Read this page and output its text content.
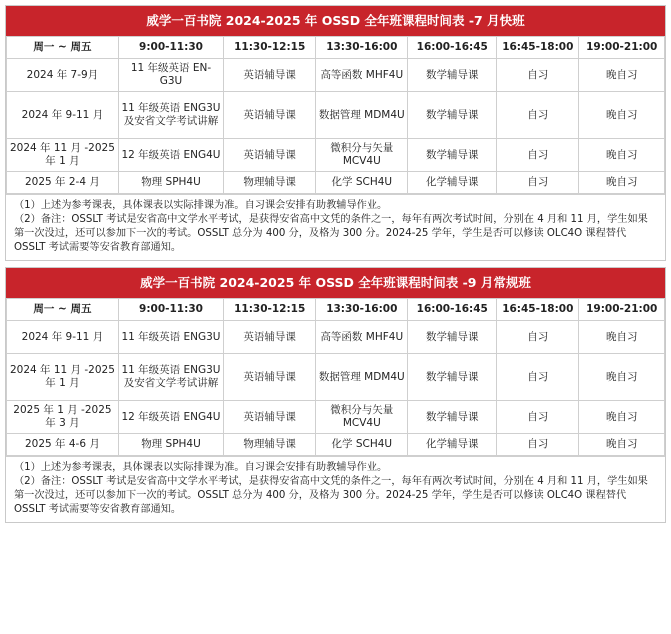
威学一百书院 2024-2025 年 OSSD 全年班课程时间表 -7 月快班
周一 ~ 周五	9:00-11:30	11:30-12:15	13:30-16:00	16:00-16:45	16:45-18:00	19:00-21:00
2024 年 7-9月	11 年级英语 EN-G3U	英语辅导课	高等函数 MHF4U	数学辅导课	自习	晚自习
2024 年 9-11 月	11 年级英语 ENG3U 及安省文学考试讲解	英语辅导课	数据管理 MDM4U	数学辅导课	自习	晚自习
2024 年 11 月 -2025 年 1 月	12 年级英语 ENG4U	英语辅导课	微积分与矢量 MCV4U	数学辅导课	自习	晚自习
2025 年 2-4 月	物理 SPH4U	物理辅导课	化学 SCH4U	化学辅导课	自习	晚自习

（1）上述为参考课表，具体课表以实际排课为准。自习课会安排有助教辅导作业。

（2）备注：OSSLT 考试是安省高中文学水平考试，是获得安省高中文凭的条件之一，每年有两次考试时间，分别在 4 月和 11 月，学生如果第一次没过，还可以参加下一次的考试。OSSLT 总分为 400 分，及格为 300 分。2024-25 学年，学生是否可以修读 OLC4O 课程替代 OSSLT 考试需要等安省教育部通知。

威学一百书院 2024-2025 年 OSSD 全年班课程时间表 -9 月常规班
周一 ~ 周五	9:00-11:30	11:30-12:15	13:30-16:00	16:00-16:45	16:45-18:00	19:00-21:00
2024 年 9-11 月	11 年级英语 ENG3U	英语辅导课	高等函数 MHF4U	数学辅导课	自习	晚自习
2024 年 11 月 -2025 年 1 月	11 年级英语 ENG3U 及安省文学考试讲解	英语辅导课	数据管理 MDM4U	数学辅导课	自习	晚自习
2025 年 1 月 -2025 年 3 月	12 年级英语 ENG4U	英语辅导课	微积分与矢量 MCV4U	数学辅导课	自习	晚自习
2025 年 4-6 月	物理 SPH4U	物理辅导课	化学 SCH4U	化学辅导课	自习	晚自习

（1）上述为参考课表，具体课表以实际排课为准。自习课会安排有助教辅导作业。

（2）备注：OSSLT 考试是安省高中文学水平考试，是获得安省高中文凭的条件之一，每年有两次考试时间，分别在 4 月和 11 月，学生如果第一次没过，还可以参加下一次的考试。OSSLT 总分为 400 分，及格为 300 分。2024-25 学年，学生是否可以修读 OLC4O 课程替代 OSSLT 考试需要等安省教育部通知。
